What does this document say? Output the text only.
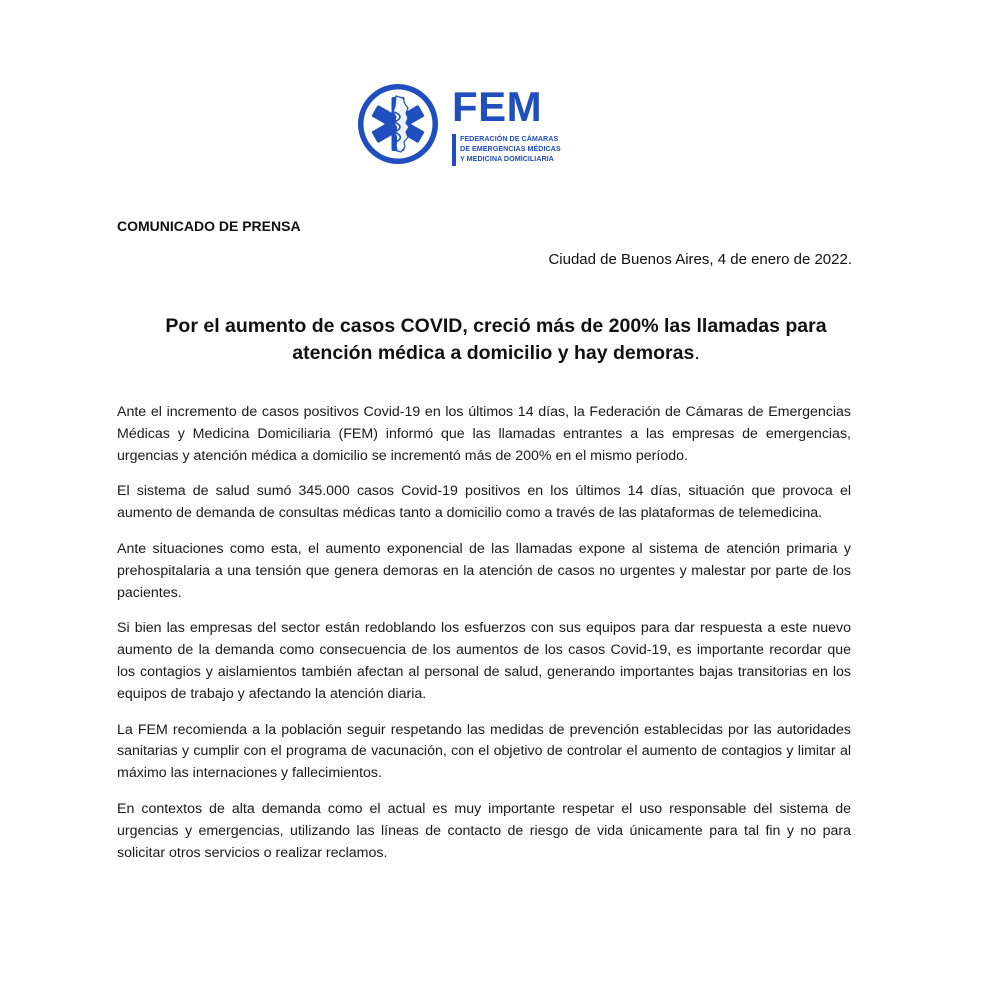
FEM
FEDERACIÓN DE CÁMARAS
DE EMERGENCIAS MÉDICAS
Y MEDICINA DOMICILIARIA
COMUNICADO DE PRENSA
Ciudad de Buenos Aires, 4 de enero de 2022.
Por el aumento de casos COVID, creció más de 200% las llamadas para
atención médica a domicilio y hay demoras.

Ante el incremento de casos positivos Covid-19 en los últimos 14 días, la Federación de Cámaras de Emergencias Médicas y Medicina Domiciliaria (FEM) informó que las llamadas entrantes a las empresas de emergencias, urgencias y atención médica a domicilio se incrementó más de 200% en el mismo período.

El sistema de salud sumó 345.000 casos Covid-19 positivos en los últimos 14 días, situación que provoca el aumento de demanda de consultas médicas tanto a domicilio como a través de las plataformas de telemedicina.

Ante situaciones como esta, el aumento exponencial de las llamadas expone al sistema de atención primaria y prehospitalaria a una tensión que genera demoras en la atención de casos no urgentes y malestar por parte de los pacientes.

Si bien las empresas del sector están redoblando los esfuerzos con sus equipos para dar respuesta a este nuevo aumento de la demanda como consecuencia de los aumentos de los casos Covid-19, es importante recordar que los contagios y aislamientos también afectan al personal de salud, generando importantes bajas transitorias en los equipos de trabajo y afectando la atención diaria.

La FEM recomienda a la población seguir respetando las medidas de prevención establecidas por las autoridades sanitarias y cumplir con el programa de vacunación, con el objetivo de controlar el aumento de contagios y limitar al máximo las internaciones y fallecimientos.

En contextos de alta demanda como el actual es muy importante respetar el uso responsable del sistema de urgencias y emergencias, utilizando las líneas de contacto de riesgo de vida únicamente para tal fin y no para solicitar otros servicios o realizar reclamos.
